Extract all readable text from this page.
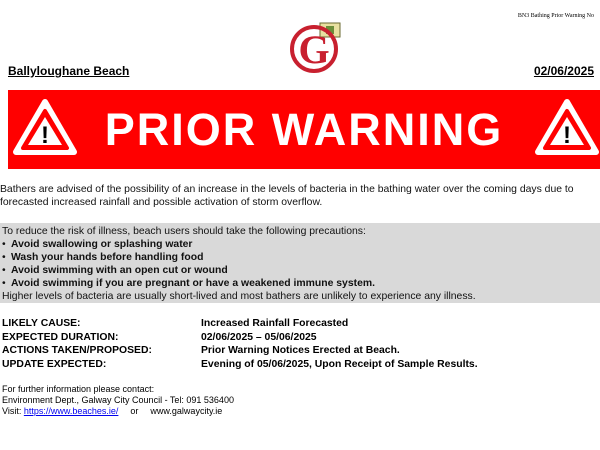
BN3 Bathing Prior Warning No
G
Ballyloughane Beach	02/06/2025
! PRIOR WARNING !
Bathers are advised of the possibility of an increase in the levels of bacteria in the bathing water over the coming days due to forecasted increased rainfall and possible activation of storm overflow.
To reduce the risk of illness, beach users should take the following precautions:
• Avoid swallowing or splashing water
• Wash your hands before handling food
• Avoid swimming with an open cut or wound
• Avoid swimming if you are pregnant or have a weakened immune system.
Higher levels of bacteria are usually short-lived and most bathers are unlikely to experience any illness.
LIKELY CAUSE:	Increased Rainfall Forecasted
EXPECTED DURATION:	02/06/2025 – 05/06/2025
ACTIONS TAKEN/PROPOSED:	Prior Warning Notices Erected at Beach.
UPDATE EXPECTED:	Evening of 05/06/2025, Upon Receipt of Sample Results.
For further information please contact:
Environment Dept., Galway City Council - Tel: 091 536400
Visit: https://www.beaches.ie/ or www.galwaycity.ie
